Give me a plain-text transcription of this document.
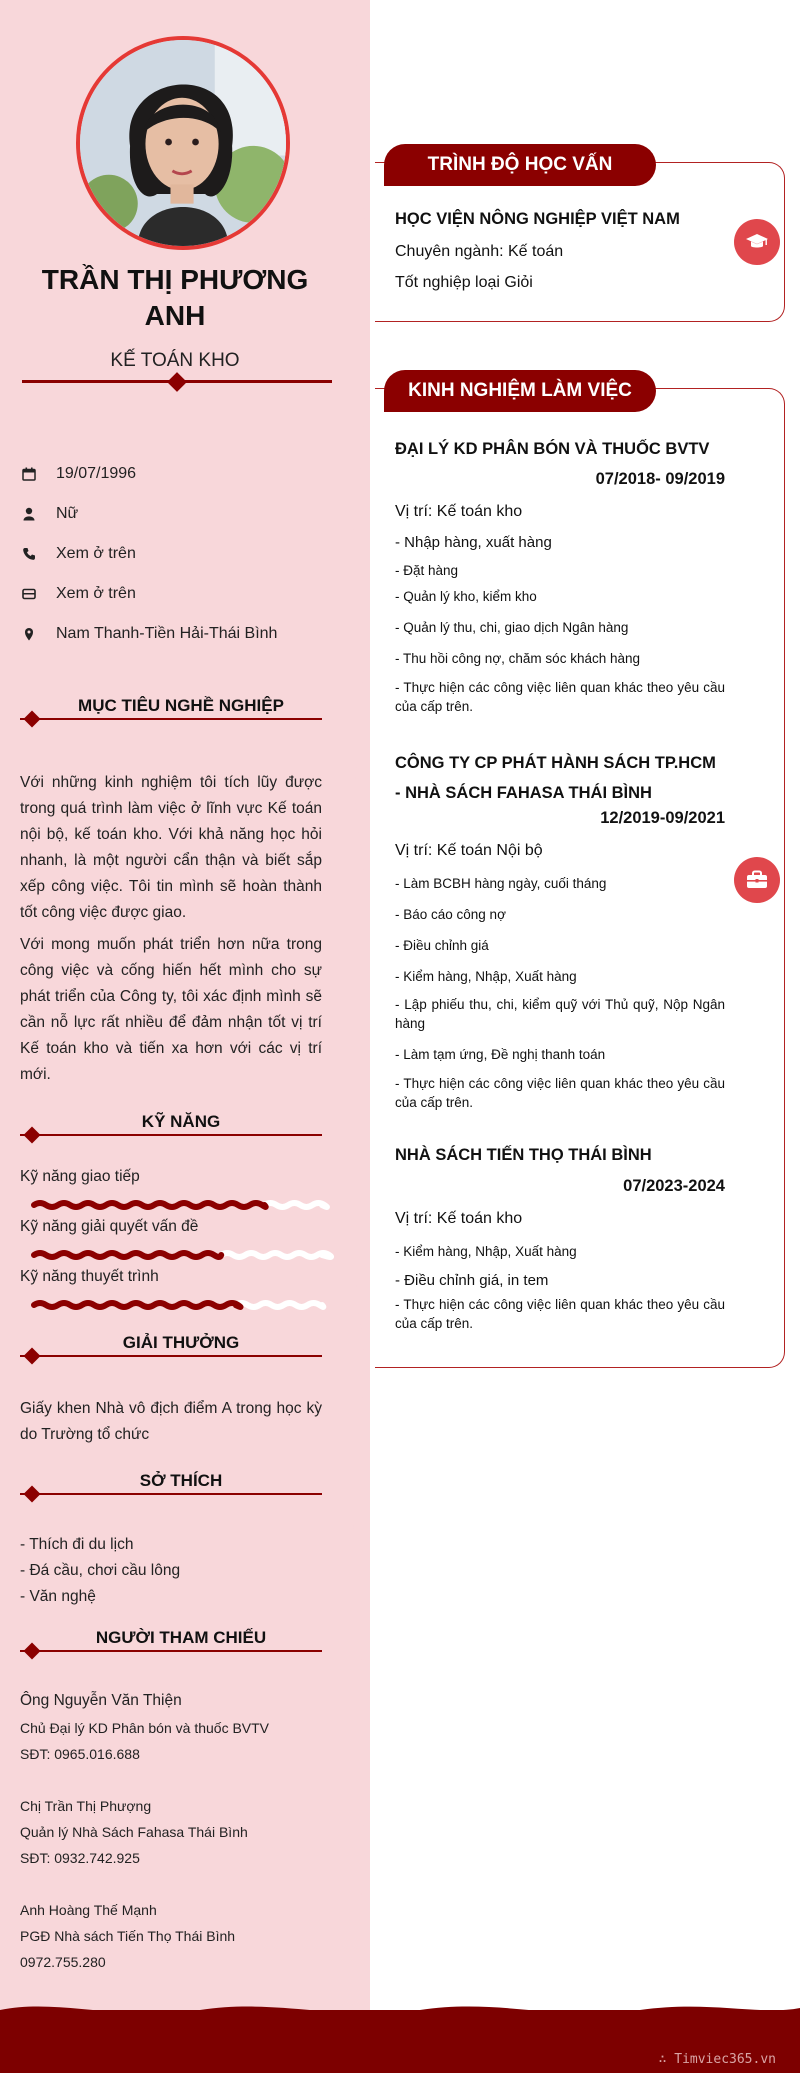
TRẦN THỊ PHƯƠNG ANH
KẾ TOÁN KHO
19/07/1996
Nữ
Xem ở trên
Xem ở trên
Nam Thanh-Tiền Hải-Thái Bình
MỤC TIÊU NGHỀ NGHIỆP
Với những kinh nghiệm tôi tích lũy được trong quá trình làm việc ở lĩnh vực Kế toán nội bộ, kế toán kho. Với khả năng học hỏi nhanh, là một người cẩn thận và biết sắp xếp công việc. Tôi tin mình sẽ hoàn thành tốt công việc được giao.
Với mong muốn phát triển hơn nữa trong công việc và cống hiến hết mình cho sự phát triển của Công ty, tôi xác định mình sẽ cần nỗ lực rất nhiều để đảm nhận tốt vị trí Kế toán kho và tiến xa hơn với các vị trí mới.
KỸ NĂNG
Kỹ năng giao tiếp
Kỹ năng giải quyết vấn đề
Kỹ năng thuyết trình
GIẢI THƯỞNG
Giấy khen Nhà vô địch điểm A trong học kỳ do Trường tổ chức
SỞ THÍCH
- Thích đi du lịch
- Đá cầu, chơi cầu lông
- Văn nghệ
NGƯỜI THAM CHIẾU
Ông Nguyễn Văn Thiện
Chủ Đại lý KD Phân bón và thuốc BVTV
SĐT: 0965.016.688
Chị Trần Thị Phượng
Quản lý Nhà Sách Fahasa Thái Bình
SĐT: 0932.742.925
Anh Hoàng Thế Mạnh
PGĐ Nhà sách Tiến Thọ Thái Bình
0972.755.280
TRÌNH ĐỘ HỌC VẤN
HỌC VIỆN NÔNG NGHIỆP VIỆT NAM
Chuyên ngành: Kế toán
Tốt nghiệp loại Giỏi
KINH NGHIỆM LÀM VIỆC
ĐẠI LÝ KD PHÂN BÓN VÀ THUỐC BVTV
07/2018- 09/2019
Vị trí: Kế toán kho
- Nhập hàng, xuất hàng
- Đặt hàng
- Quản lý kho, kiểm kho
- Quản lý thu, chi, giao dịch Ngân hàng
- Thu hồi công nợ, chăm sóc khách hàng
- Thực hiện các công việc liên quan khác theo yêu cầu của cấp trên.
CÔNG TY CP PHÁT HÀNH SÁCH TP.HCM - NHÀ SÁCH FAHASA THÁI BÌNH
12/2019-09/2021
Vị trí: Kế toán Nội bộ
- Làm BCBH hàng ngày, cuối tháng
- Báo cáo công nợ
- Điều chỉnh giá
- Kiểm hàng, Nhập, Xuất hàng
- Lập phiếu thu, chi, kiểm quỹ với Thủ quỹ, Nộp Ngân hàng
- Làm tạm ứng, Đề nghị thanh toán
- Thực hiện các công việc liên quan khác theo yêu cầu của cấp trên.
NHÀ SÁCH TIẾN THỌ THÁI BÌNH
07/2023-2024
Vị trí: Kế toán kho
- Kiểm hàng, Nhập, Xuất hàng
- Điều chỉnh giá, in tem
- Thực hiện các công việc liên quan khác theo yêu cầu của cấp trên.
∴ Timviec365.vn
